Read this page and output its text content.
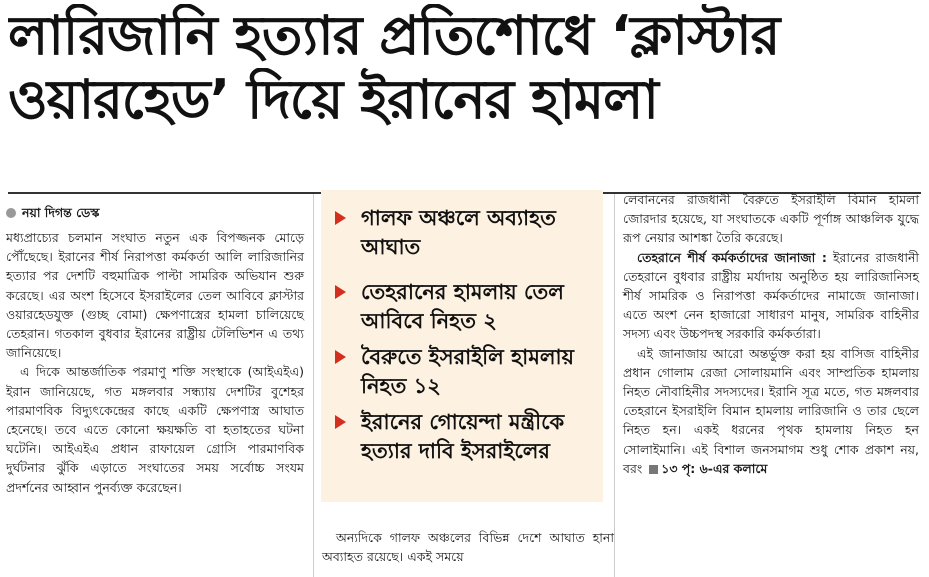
লারিজানি হত্যার প্রতিশোধে ‘ক্লাস্টার
ওয়ারহেড’ দিয়ে ইরানের হামলা
নয়া দিগন্ত ডেস্ক

মধ্যপ্রাচ্যের চলমান সংঘাত নতুন এক বিপজ্জনক মোড়ে পৌঁছেছে। ইরানের শীর্ষ নিরাপত্তা কর্মকর্তা আলি লারিজানির হত্যার পর দেশটি বহুমাত্রিক পাল্টা সামরিক অভিযান শুরু করেছে। এর অংশ হিসেবে ইসরাইলের তেল আবিবে ক্লাস্টার ওয়ারহেডযুক্ত (গুচ্ছ বোমা) ক্ষেপণাস্ত্রের হামলা চালিয়েছে তেহরান। গতকাল বুধবার ইরানের রাষ্ট্রীয় টেলিভিশন এ তথ্য জানিয়েছে।

এ দিকে আন্তর্জাতিক পরমাণু শক্তি সংস্থাকে (আইএইএ) ইরান জানিয়েছে, গত মঙ্গলবার সন্ধ্যায় দেশটির বুশেহর পারমাণবিক বিদ্যুৎকেন্দ্রের কাছে একটি ক্ষেপণাস্ত্র আঘাত হেনেছে। তবে এতে কোনো ক্ষয়ক্ষতি বা হতাহতের ঘটনা ঘটেনি। আইএইএ প্রধান রাফায়েল গ্রোসি পারমাণবিক দুর্ঘটনার ঝুঁকি এড়াতে সংঘাতের সময় সর্বোচ্চ সংযম প্রদর্শনের আহ্বান পুনর্ব্যক্ত করেছেন।

গালফ অঞ্চলে অব্যাহত আঘাত
তেহরানের হামলায় তেল আবিবে নিহত ২
বৈরুতে ইসরাইলি হামলায় নিহত ১২
ইরানের গোয়েন্দা মন্ত্রীকে হত্যার দাবি ইসরাইলের

অন্যদিকে গালফ অঞ্চলের বিভিন্ন দেশে আঘাত হানা অব্যাহত রয়েছে। একই সময়ে

লেবাননের রাজধানী বৈরুতে ইসরাইলি বিমান হামলা জোরদার হয়েছে, যা সংঘাতকে একটি পূর্ণাঙ্গ আঞ্চলিক যুদ্ধে রূপ নেয়ার আশঙ্কা তৈরি করেছে।

তেহরানে শীর্ষ কর্মকর্তাদের জানাজা : ইরানের রাজধানী তেহরানে বুধবার রাষ্ট্রীয় মর্যাদায় অনুষ্ঠিত হয় লারিজানিসহ শীর্ষ সামরিক ও নিরাপত্তা কর্মকর্তাদের নামাজে জানাজা। এতে অংশ নেন হাজারো সাধারণ মানুষ, সামরিক বাহিনীর সদস্য এবং উচ্চপদস্থ সরকারি কর্মকর্তারা।

এই জানাজায় আরো অন্তর্ভুক্ত করা হয় বাসিজ বাহিনীর প্রধান গোলাম রেজা সোলায়মানি এবং সাম্প্রতিক হামলায় নিহত নৌবাহিনীর সদস্যদের। ইরানি সূত্র মতে, গত মঙ্গলবার তেহরানে ইসরাইলি বিমান হামলায় লারিজানি ও তার ছেলে নিহত হন। একই ধরনের পৃথক হামলায় নিহত হন সোলাইমানি। এই বিশাল জনসমাগম শুধু শোক প্রকাশ নয়, বরং ১৩ পৃ: ৬-এর কলামে
